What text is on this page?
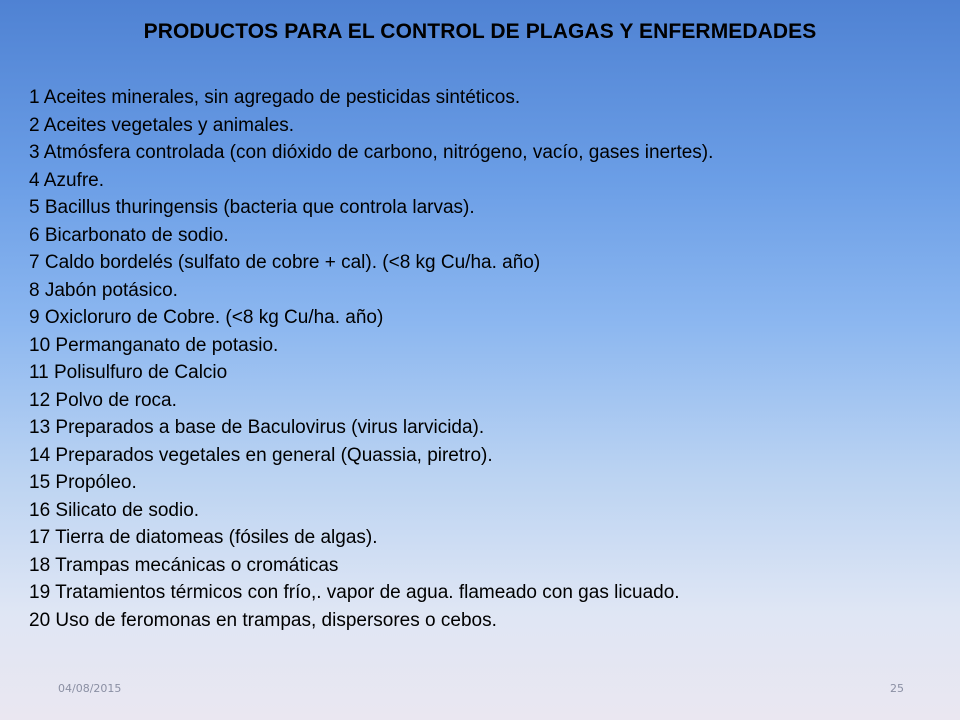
PRODUCTOS PARA EL CONTROL DE PLAGAS Y ENFERMEDADES
1 Aceites minerales, sin agregado de pesticidas sintéticos.
2 Aceites vegetales y animales.
3 Atmósfera controlada (con dióxido de carbono, nitrógeno, vacío, gases inertes).
4 Azufre.
5 Bacillus thuringensis (bacteria que controla larvas).
6 Bicarbonato de sodio.
7 Caldo bordelés (sulfato de cobre + cal). (<8 kg Cu/ha. año)
8 Jabón potásico.
9 Oxicloruro de Cobre. (<8 kg Cu/ha. año)
10 Permanganato de potasio.
11 Polisulfuro de Calcio
12 Polvo de roca.
13 Preparados a base de Baculovirus (virus larvicida).
14 Preparados vegetales en general (Quassia, piretro).
15 Propóleo.
16 Silicato de sodio.
17 Tierra de diatomeas (fósiles de algas).
18 Trampas mecánicas o cromáticas
19 Tratamientos térmicos con frío,. vapor de agua. flameado con gas licuado.
20 Uso de feromonas en trampas, dispersores o cebos.
04/08/2015	25
